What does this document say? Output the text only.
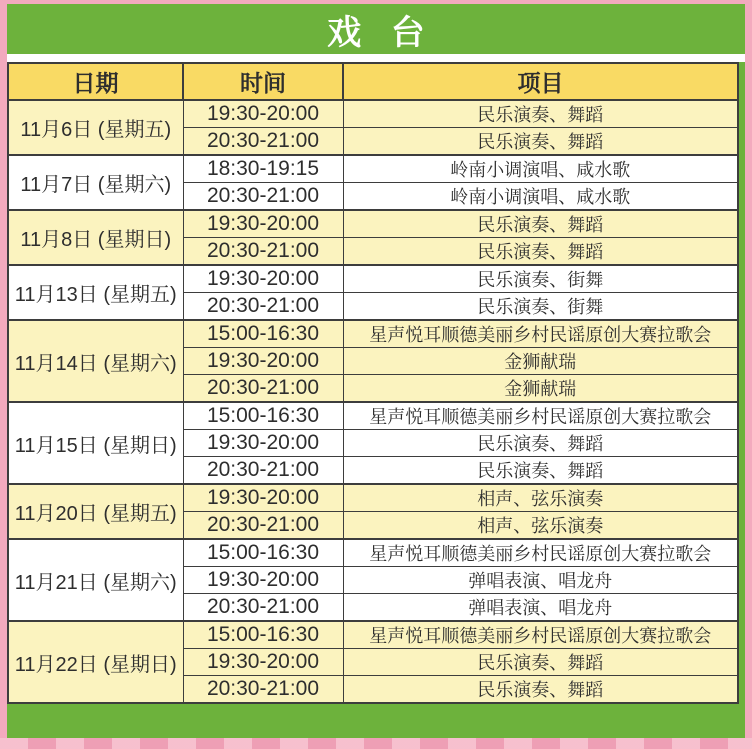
戏 台
日期	时间	项目
11月6日 (星期五)	19:30-20:00	民乐演奏、舞蹈
	20:30-21:00	民乐演奏、舞蹈
11月7日 (星期六)	18:30-19:15	岭南小调演唱、咸水歌
	20:30-21:00	岭南小调演唱、咸水歌
11月8日 (星期日)	19:30-20:00	民乐演奏、舞蹈
	20:30-21:00	民乐演奏、舞蹈
11月13日 (星期五)	19:30-20:00	民乐演奏、街舞
	20:30-21:00	民乐演奏、街舞
11月14日 (星期六)	15:00-16:30	星声悦耳顺德美丽乡村民谣原创大赛拉歌会
	19:30-20:00	金狮献瑞
	20:30-21:00	金狮献瑞
11月15日 (星期日)	15:00-16:30	星声悦耳顺德美丽乡村民谣原创大赛拉歌会
	19:30-20:00	民乐演奏、舞蹈
	20:30-21:00	民乐演奏、舞蹈
11月20日 (星期五)	19:30-20:00	相声、弦乐演奏
	20:30-21:00	相声、弦乐演奏
11月21日 (星期六)	15:00-16:30	星声悦耳顺德美丽乡村民谣原创大赛拉歌会
	19:30-20:00	弹唱表演、唱龙舟
	20:30-21:00	弹唱表演、唱龙舟
11月22日 (星期日)	15:00-16:30	星声悦耳顺德美丽乡村民谣原创大赛拉歌会
	19:30-20:00	民乐演奏、舞蹈
	20:30-21:00	民乐演奏、舞蹈
